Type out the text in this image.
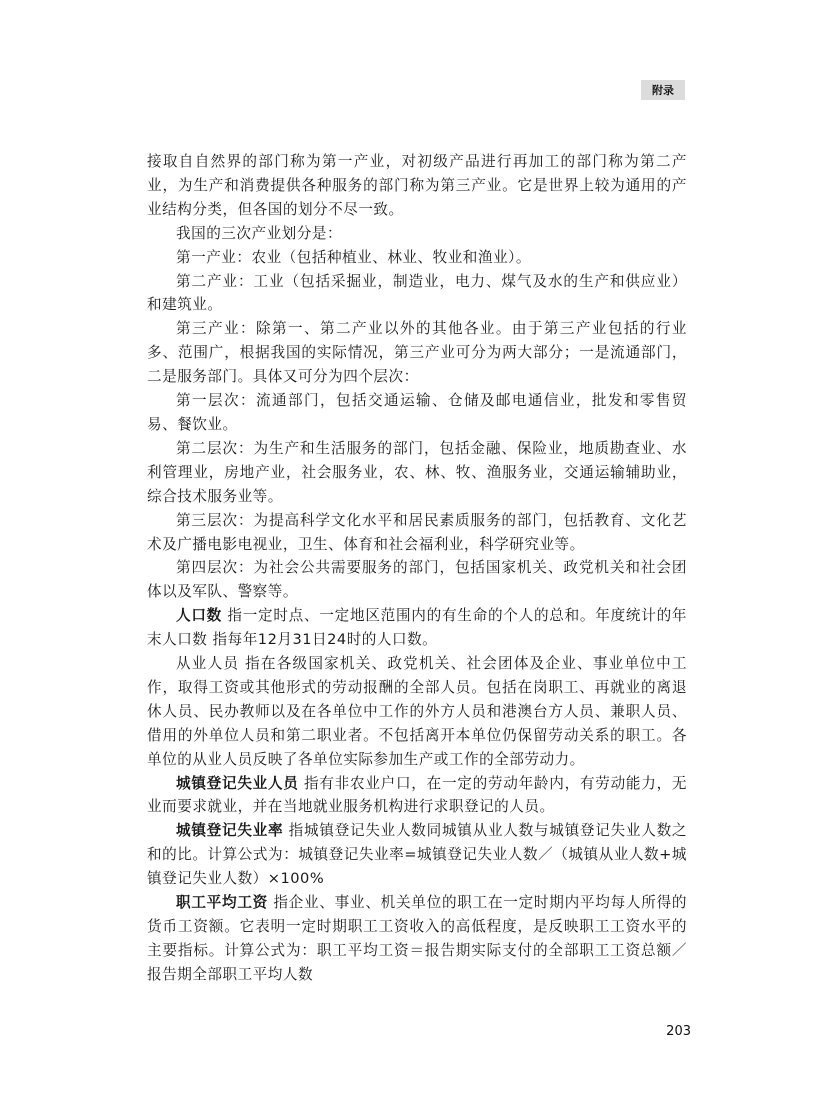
附录

接取自自然界的部门称为第一产业，对初级产品进行再加工的部门称为第二产业，为生产和消费提供各种服务的部门称为第三产业。它是世界上较为通用的产业结构分类，但各国的划分不尽一致。

我国的三次产业划分是：

第一产业：农业（包括种植业、林业、牧业和渔业）。

第二产业：工业（包括采掘业，制造业，电力、煤气及水的生产和供应业）和建筑业。

第三产业：除第一、第二产业以外的其他各业。由于第三产业包括的行业多、范围广，根据我国的实际情况，第三产业可分为两大部分；一是流通部门，二是服务部门。具体又可分为四个层次：

第一层次：流通部门，包括交通运输、仓储及邮电通信业，批发和零售贸易、餐饮业。

第二层次：为生产和生活服务的部门，包括金融、保险业，地质勘查业、水利管理业，房地产业，社会服务业，农、林、牧、渔服务业，交通运输辅助业，综合技术服务业等。

第三层次：为提高科学文化水平和居民素质服务的部门，包括教育、文化艺术及广播电影电视业，卫生、体育和社会福利业，科学研究业等。

第四层次：为社会公共需要服务的部门，包括国家机关、政党机关和社会团体以及军队、警察等。

人口数 指一定时点、一定地区范围内的有生命的个人的总和。年度统计的年末人口数 指每年12月31日24时的人口数。

从业人员 指在各级国家机关、政党机关、社会团体及企业、事业单位中工作，取得工资或其他形式的劳动报酬的全部人员。包括在岗职工、再就业的离退休人员、民办教师以及在各单位中工作的外方人员和港澳台方人员、兼职人员、借用的外单位人员和第二职业者。不包括离开本单位仍保留劳动关系的职工。各单位的从业人员反映了各单位实际参加生产或工作的全部劳动力。

城镇登记失业人员 指有非农业户口，在一定的劳动年龄内，有劳动能力，无业而要求就业，并在当地就业服务机构进行求职登记的人员。

城镇登记失业率 指城镇登记失业人数同城镇从业人数与城镇登记失业人数之和的比。计算公式为：城镇登记失业率=城镇登记失业人数／（城镇从业人数+城镇登记失业人数）×100%

职工平均工资 指企业、事业、机关单位的职工在一定时期内平均每人所得的货币工资额。它表明一定时期职工工资收入的高低程度，是反映职工工资水平的主要指标。计算公式为：职工平均工资＝报告期实际支付的全部职工工资总额／报告期全部职工平均人数

203
